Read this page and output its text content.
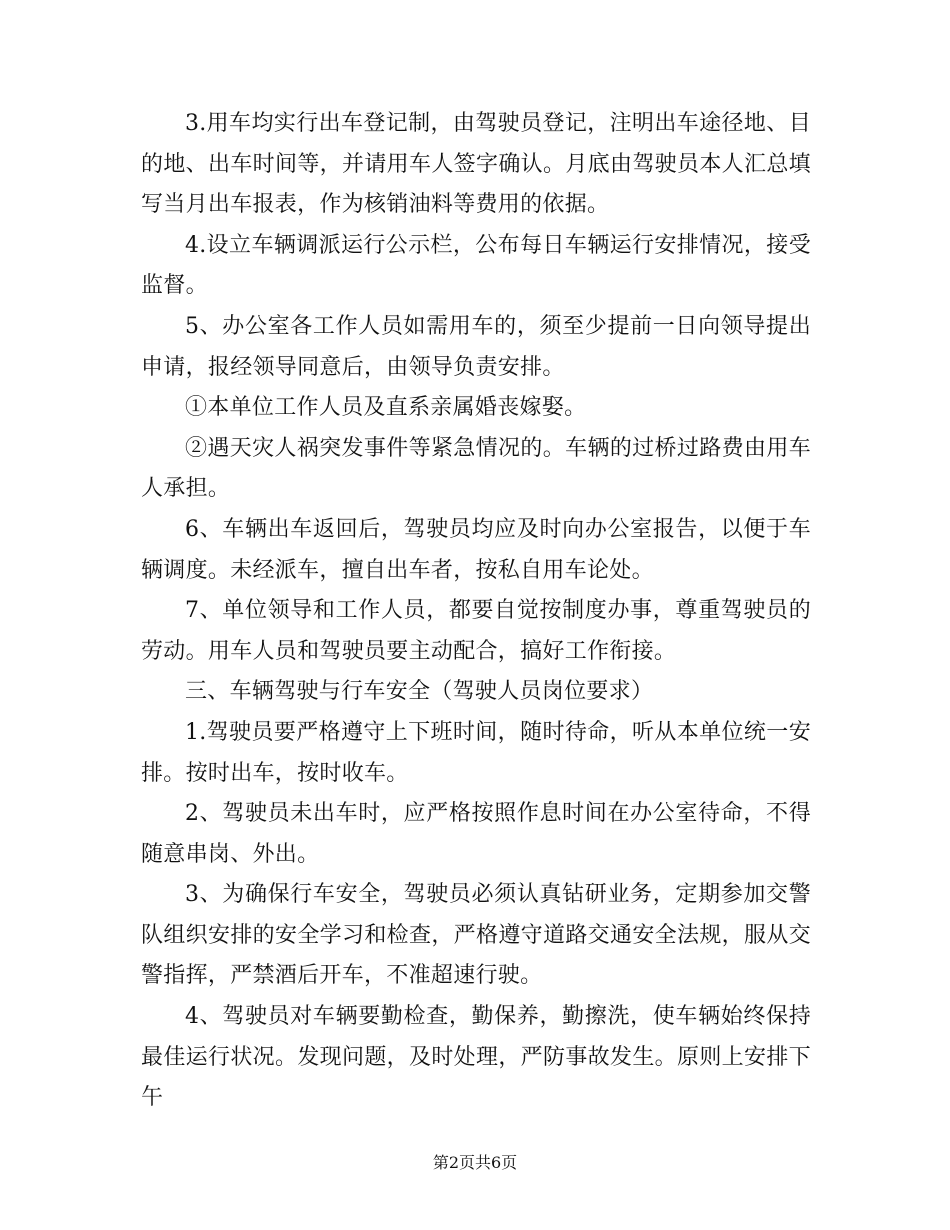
3.用车均实行出车登记制，由驾驶员登记，注明出车途径地、目的地、出车时间等，并请用车人签字确认。月底由驾驶员本人汇总填写当月出车报表，作为核销油料等费用的依据。

4.设立车辆调派运行公示栏，公布每日车辆运行安排情况，接受监督。

5、办公室各工作人员如需用车的，须至少提前一日向领导提出申请，报经领导同意后，由领导负责安排。

①本单位工作人员及直系亲属婚丧嫁娶。

②遇天灾人祸突发事件等紧急情况的。车辆的过桥过路费由用车人承担。

6、车辆出车返回后，驾驶员均应及时向办公室报告，以便于车辆调度。未经派车，擅自出车者，按私自用车论处。

7、单位领导和工作人员，都要自觉按制度办事，尊重驾驶员的劳动。用车人员和驾驶员要主动配合，搞好工作衔接。

三、车辆驾驶与行车安全（驾驶人员岗位要求）

1.驾驶员要严格遵守上下班时间，随时待命，听从本单位统一安排。按时出车，按时收车。

2、驾驶员未出车时，应严格按照作息时间在办公室待命，不得随意串岗、外出。

3、为确保行车安全，驾驶员必须认真钻研业务，定期参加交警队组织安排的安全学习和检查，严格遵守道路交通安全法规，服从交警指挥，严禁酒后开车，不准超速行驶。

4、驾驶员对车辆要勤检查，勤保养，勤擦洗，使车辆始终保持最佳运行状况。发现问题，及时处理，严防事故发生。原则上安排下午

第2页共6页
